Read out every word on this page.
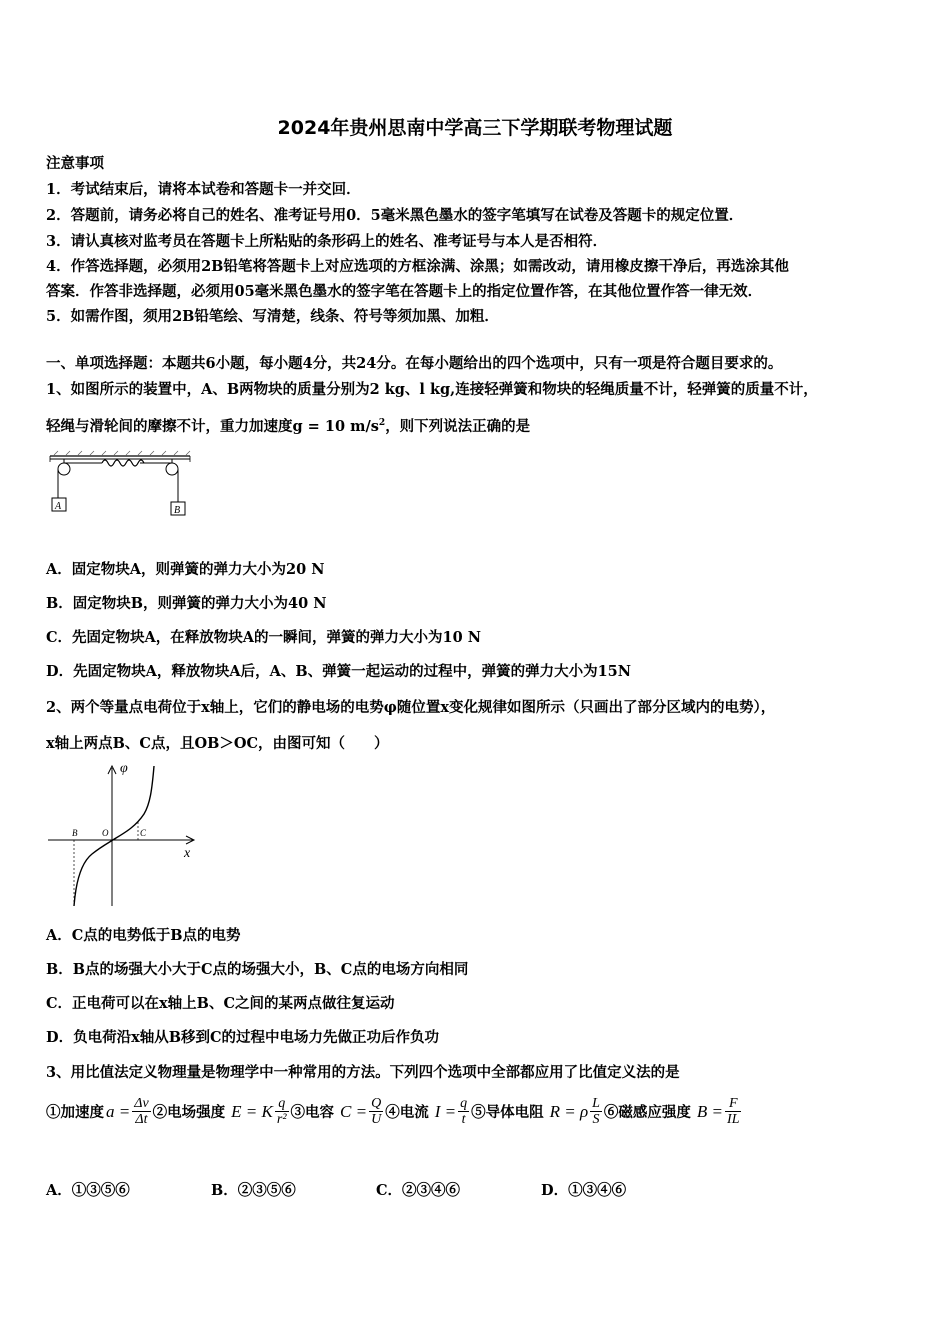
2024年贵州思南中学高三下学期联考物理试题
注意事项
1．考试结束后，请将本试卷和答题卡一并交回．
2．答题前，请务必将自己的姓名、准考证号用0．5毫米黑色墨水的签字笔填写在试卷及答题卡的规定位置．
3．请认真核对监考员在答题卡上所粘贴的条形码上的姓名、准考证号与本人是否相符．
4．作答选择题，必须用2B铅笔将答题卡上对应选项的方框涂满、涂黑；如需改动，请用橡皮擦干净后，再选涂其他
答案．作答非选择题，必须用05毫米黑色墨水的签字笔在答题卡上的指定位置作答，在其他位置作答一律无效．
5．如需作图，须用2B铅笔绘、写清楚，线条、符号等须加黑、加粗．
一、单项选择题：本题共6小题，每小题4分，共24分。在每小题给出的四个选项中，只有一项是符合题目要求的。
1、如图所示的装置中，A、B两物块的质量分别为2 kg、l kg,连接轻弹簧和物块的轻绳质量不计，轻弹簧的质量不计，
轻绳与滑轮间的摩擦不计，重力加速度g = 10 $m/s^2$，则下列说法正确的是
A	B
A．固定物块A，则弹簧的弹力大小为20 N
B．固定物块B，则弹簧的弹力大小为40 N
C．先固定物块A，在释放物块A的一瞬间，弹簧的弹力大小为10 N
D．先固定物块A，释放物块A后，A、B、弹簧一起运动的过程中，弹簧的弹力大小为15N
2、两个等量点电荷位于x轴上，它们的静电场的电势φ随位置x变化规律如图所示（只画出了部分区域内的电势），
x轴上两点B、C点，且OB＞OC，由图可知（　　）
φ
x
B	O	C
A．C点的电势低于B点的电势
B．B点的场强大小大于C点的场强大小，B、C点的电场方向相同
C．正电荷可以在x轴上B、C之间的某两点做往复运动
D．负电荷沿x轴从B移到C的过程中电场力先做正功后作负功
3、用比值法定义物理量是物理学中一种常用的方法。下列四个选项中全部都应用了比值定义法的是
①加速度 $a = \frac{\Delta v}{\Delta t}$ ②电场强度 E = K $\frac{q}{\text{r²}}$ ③电容 $C = \frac{Q}{U}$ ④电流 $I = \frac{q}{t}$ ⑤导体电阻 R = ρ $\frac{L}{S}$ ⑥磁感应强度 $B = \frac{F}{IL}$
A．①③⑤⑥	B．②③⑤⑥	C．②③④⑥	D．①③④⑥
